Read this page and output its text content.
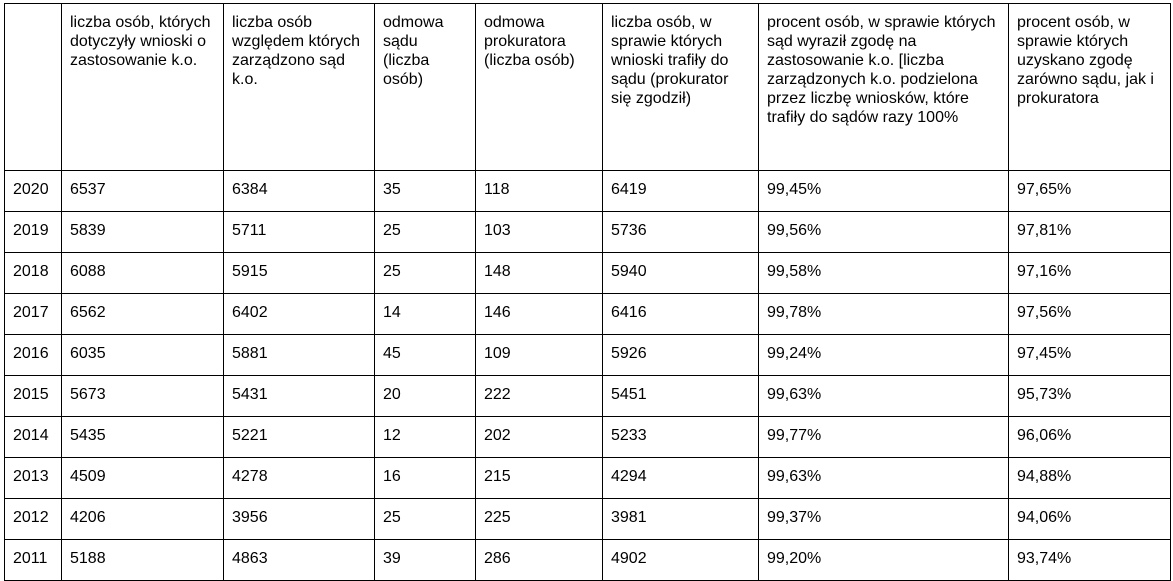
	liczba osób, których dotyczyły wnioski o zastosowanie k.o.	liczba osób względem których zarządzono sąd k.o.	odmowa sądu (liczba osób)	odmowa prokuratora (liczba osób)	liczba osób, w sprawie których wnioski trafiły do sądu (prokurator się zgodził)	procent osób, w sprawie których sąd wyraził zgodę na zastosowanie k.o. [liczba zarządzonych k.o. podzielona przez liczbę wniosków, które trafiły do sądów razy 100%	procent osób, w sprawie których uzyskano zgodę zarówno sądu, jak i prokuratora
2020	6537	6384	35	118	6419	99,45%	97,65%
2019	5839	5711	25	103	5736	99,56%	97,81%
2018	6088	5915	25	148	5940	99,58%	97,16%
2017	6562	6402	14	146	6416	99,78%	97,56%
2016	6035	5881	45	109	5926	99,24%	97,45%
2015	5673	5431	20	222	5451	99,63%	95,73%
2014	5435	5221	12	202	5233	99,77%	96,06%
2013	4509	4278	16	215	4294	99,63%	94,88%
2012	4206	3956	25	225	3981	99,37%	94,06%
2011	5188	4863	39	286	4902	99,20%	93,74%
